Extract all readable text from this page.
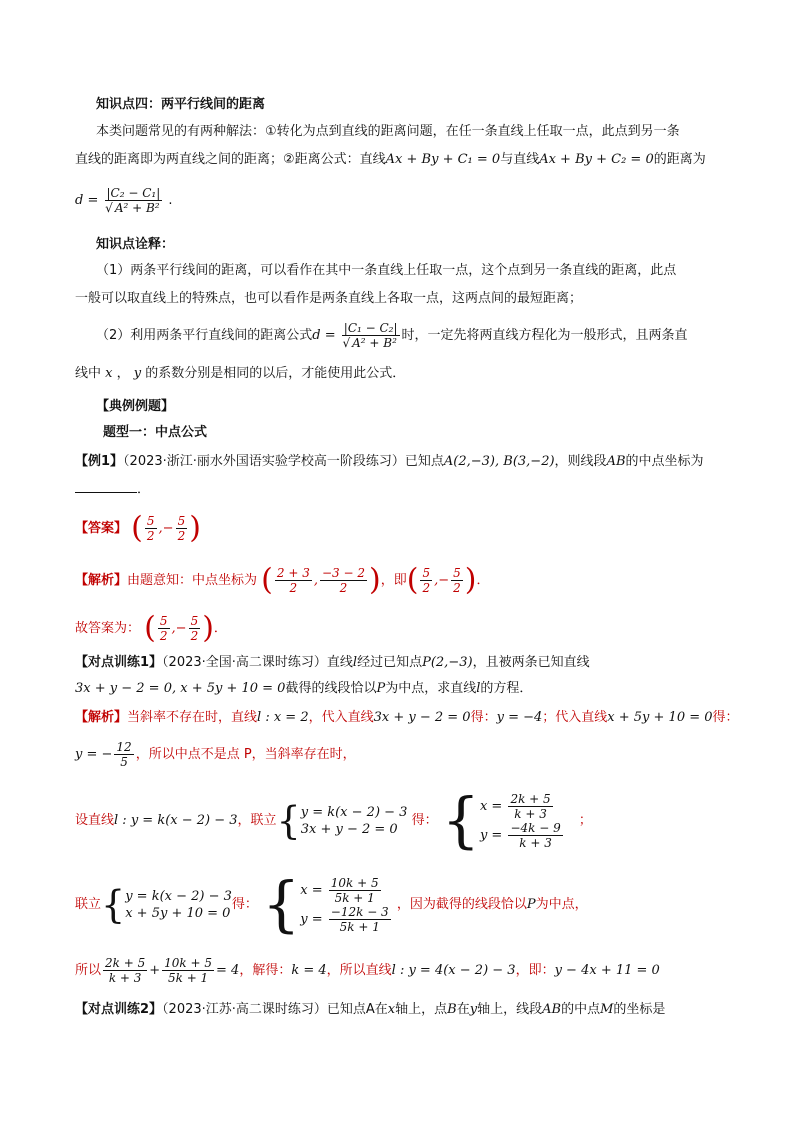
知识点四：两平行线间的距离
本类问题常见的有两种解法：①转化为点到直线的距离问题，在任一条直线上任取一点，此点到另一条
直线的距离即为两直线之间的距离；②距离公式：直线Ax + By + C₁ = 0与直线Ax + By + C₂ = 0的距离为
$d = \frac{\text{|C₂ − C₁|}}{\text{√ A² + B²}}$ .
知识点诠释：
（1）两条平行线间的距离，可以看作在其中一条直线上任取一点，这个点到另一条直线的距离，此点
一般可以取直线上的特殊点，也可以看作是两条直线上各取一点，这两点间的最短距离；
（2）利用两条平行直线间的距离公式$d = \frac{\text{|C₁ − C₂|}}{\text{√ A² + B²}}$ 时，一定先将两直线方程化为一般形式，且两条直
线中 x ， y 的系数分别是相同的以后，才能使用此公式．
【典例例题】
题型一：中点公式
【例1】（2023·浙江·丽水外国语实验学校高一阶段练习）已知点A(2,−3), B(3,−2)，则线段AB的中点坐标为
．
【答案】 ( $\frac{5}{2}$ ,− $\frac{5}{2}$ )
【解析】由题意知：中点坐标为 ( $\frac{2 + 3}{2}$ , $\frac{-3 - 2}{2}$ )，即( $\frac{5}{2}$ ,− $\frac{5}{2}$ )．
故答案为： ( $\frac{5}{2}$ ,− $\frac{5}{2}$ )．
【对点训练1】（2023·全国·高二课时练习）直线l经过已知点P(2,−3)，且被两条已知直线
3x + y − 2 = 0, x + 5y + 10 = 0截得的线段恰以P为中点，求直线l的方程．
【解析】当斜率不存在时，直线l : x = 2，代入直线3x + y − 2 = 0得：y = −4；代入直线x + 5y + 10 = 0得：
y = − $\frac{12}{5}$ ，所以中点不是点 P，当斜率存在时，
设直线l : y = k(x − 2) − 3，联立{ y = k(x − 2) − 3
3x + y − 2 = 0
得： { $x = \frac{2k + 5}{k + 3}$
$y = \frac{-4k - 9}{k + 3}$ ；
联立{ y = k(x − 2) − 3
x + 5y + 10 = 0
得： { $x = \frac{10k + 5}{5k + 1}$
$y = \frac{-12k - 3}{5k + 1}$ ，因为截得的线段恰以P为中点，
所以 $\frac{2k + 5}{k + 3} + \frac{10k + 5}{5k + 1} = 4$，解得：k = 4，所以直线l : y = 4(x − 2) − 3，即：y − 4x + 11 = 0
【对点训练2】（2023·江苏·高二课时练习）已知点A在x轴上，点B在y轴上，线段AB的中点M的坐标是
